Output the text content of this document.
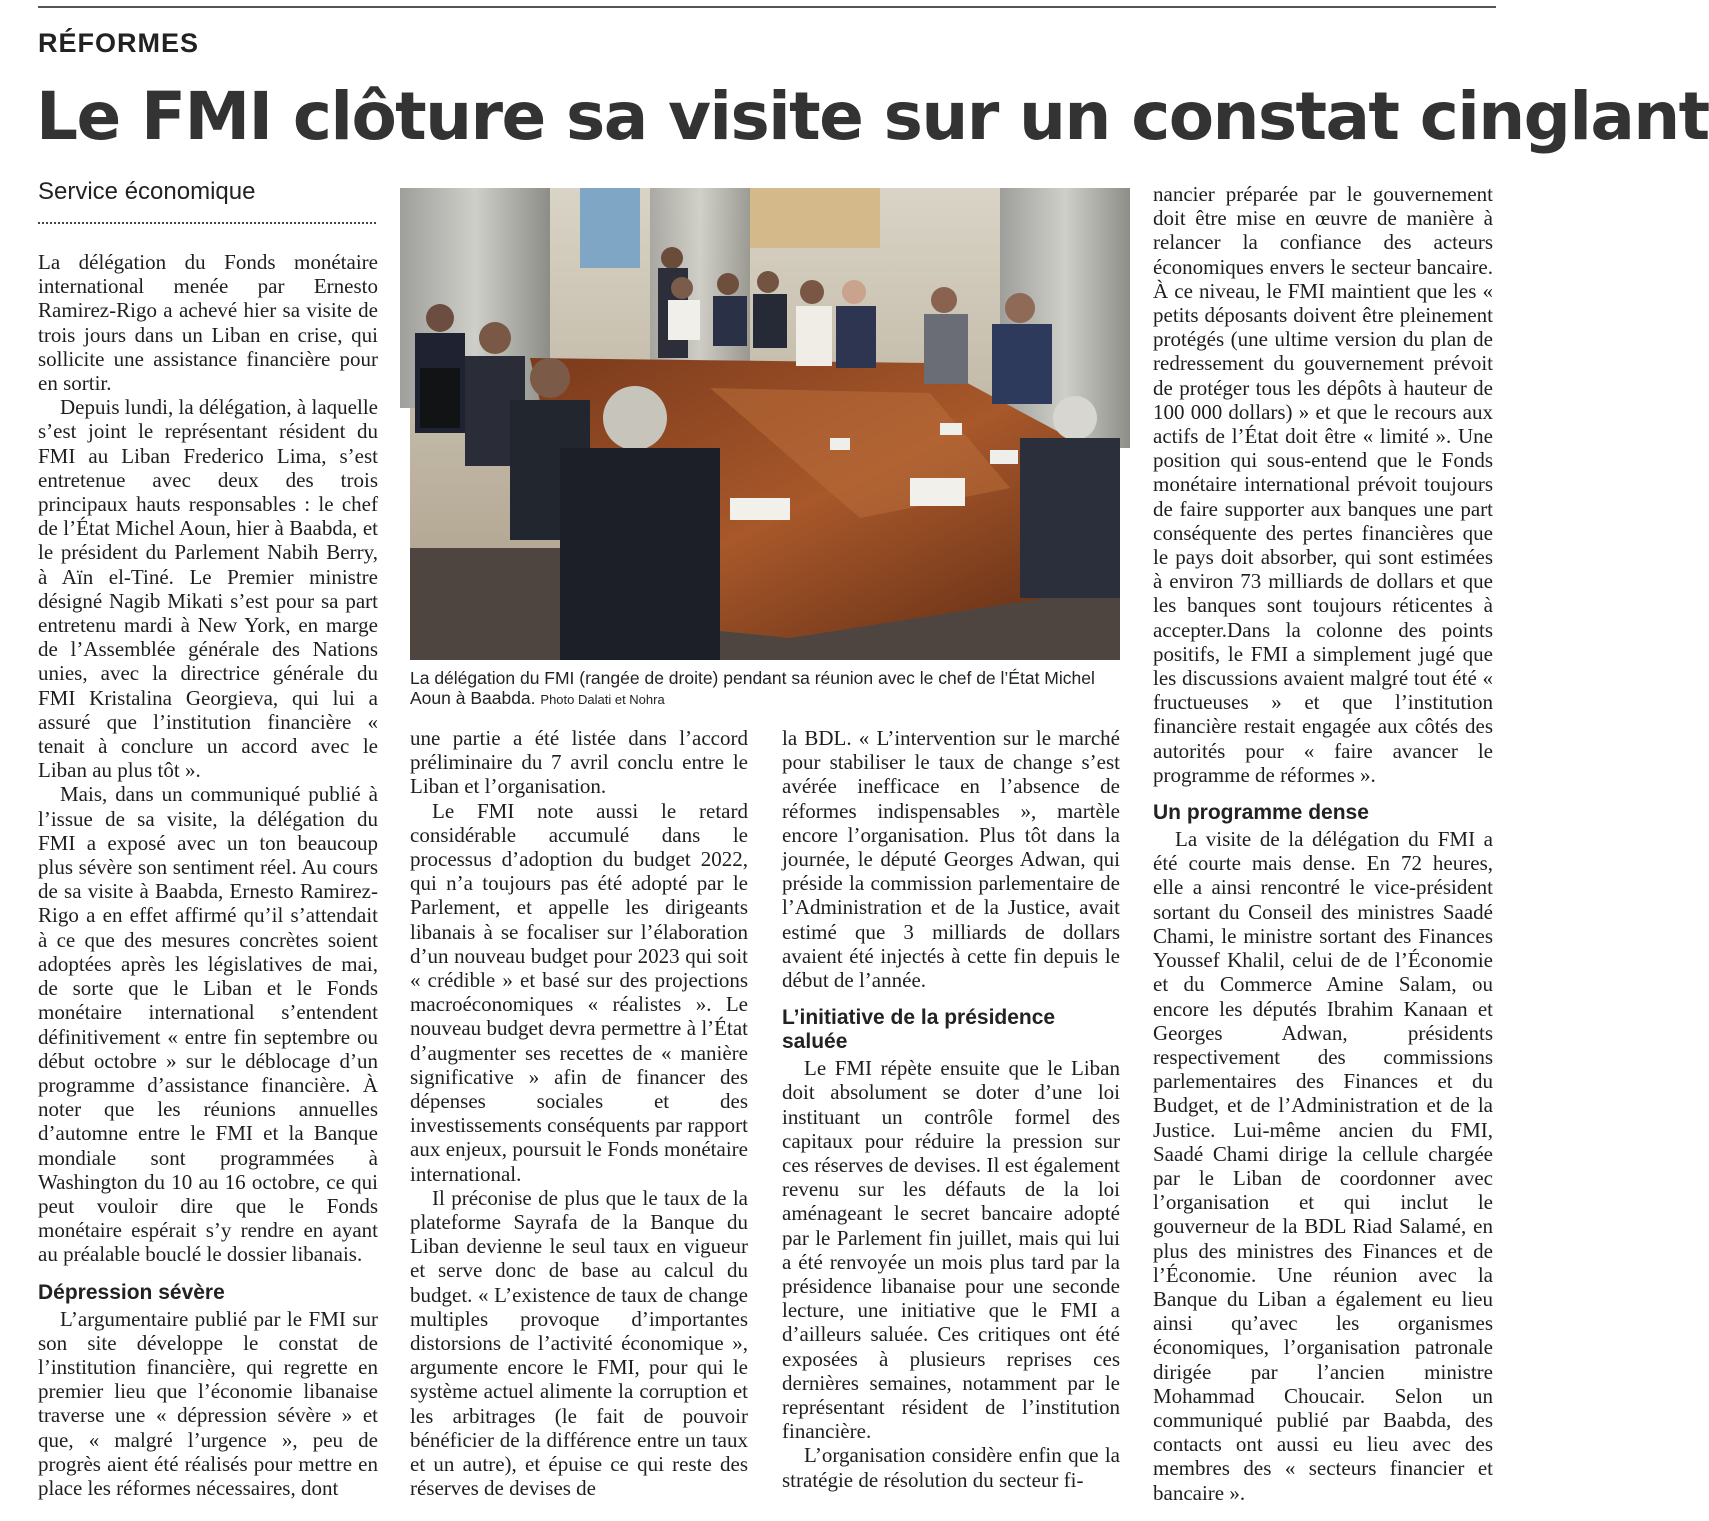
RÉFORMES
Le FMI clôture sa visite sur un constat cinglant
Service économique

La délégation du Fonds monétaire international menée par Ernesto Ramirez-Rigo a achevé hier sa visite de trois jours dans un Liban en crise, qui sollicite une assistance financière pour en sortir.

Depuis lundi, la délégation, à laquelle s’est joint le représentant résident du FMI au Liban Frederico Lima, s’est entretenue avec deux des trois principaux hauts responsables : le chef de l’État Michel Aoun, hier à Baabda, et le président du Parlement Nabih Berry, à Aïn el-Tiné. Le Premier ministre désigné Nagib Mikati s’est pour sa part entretenu mardi à New York, en marge de l’Assemblée générale des Nations unies, avec la directrice générale du FMI Kristalina Georgieva, qui lui a assuré que l’institution financière « tenait à conclure un accord avec le Liban au plus tôt ».

Mais, dans un communiqué publié à l’issue de sa visite, la délégation du FMI a exposé avec un ton beaucoup plus sévère son sentiment réel. Au cours de sa visite à Baabda, Ernesto Ramirez-Rigo a en effet affirmé qu’il s’attendait à ce que des mesures concrètes soient adoptées après les législatives de mai, de sorte que le Liban et le Fonds monétaire international s’entendent définitivement « entre fin septembre ou début octobre » sur le déblocage d’un programme d’assistance financière. À noter que les réunions annuelles d’automne entre le FMI et la Banque mondiale sont programmées à Washington du 10 au 16 octobre, ce qui peut vouloir dire que le Fonds monétaire espérait s’y rendre en ayant au préalable bouclé le dossier libanais.

Dépression sévère

L’argumentaire publié par le FMI sur son site développe le constat de l’institution financière, qui regrette en premier lieu que l’économie libanaise traverse une « dépression sévère » et que, « malgré l’urgence », peu de progrès aient été réalisés pour mettre en place les réformes nécessaires, dont

La délégation du FMI (rangée de droite) pendant sa réunion avec le chef de l’État Michel Aoun à Baabda. Photo Dalati et Nohra

une partie a été listée dans l’accord préliminaire du 7 avril conclu entre le Liban et l’organisation.

Le FMI note aussi le retard considérable accumulé dans le processus d’adoption du budget 2022, qui n’a toujours pas été adopté par le Parlement, et appelle les dirigeants libanais à se focaliser sur l’élaboration d’un nouveau budget pour 2023 qui soit « crédible » et basé sur des projections macroéconomiques « réalistes ». Le nouveau budget devra permettre à l’État d’augmenter ses recettes de « manière significative » afin de financer des dépenses sociales et des investissements conséquents par rapport aux enjeux, poursuit le Fonds monétaire international.

Il préconise de plus que le taux de la plateforme Sayrafa de la Banque du Liban devienne le seul taux en vigueur et serve donc de base au calcul du budget. « L’existence de taux de change multiples provoque d’importantes distorsions de l’activité économique », argumente encore le FMI, pour qui le système actuel alimente la corruption et les arbitrages (le fait de pouvoir bénéficier de la différence entre un taux et un autre), et épuise ce qui reste des réserves de devises de

la BDL. « L’intervention sur le marché pour stabiliser le taux de change s’est avérée inefficace en l’absence de réformes indispensables », martèle encore l’organisation. Plus tôt dans la journée, le député Georges Adwan, qui préside la commission parlementaire de l’Administration et de la Justice, avait estimé que 3 milliards de dollars avaient été injectés à cette fin depuis le début de l’année.

L’initiative de la présidence saluée

Le FMI répète ensuite que le Liban doit absolument se doter d’une loi instituant un contrôle formel des capitaux pour réduire la pression sur ces réserves de devises. Il est également revenu sur les défauts de la loi aménageant le secret bancaire adopté par le Parlement fin juillet, mais qui lui a été renvoyée un mois plus tard par la présidence libanaise pour une seconde lecture, une initiative que le FMI a d’ailleurs saluée. Ces critiques ont été exposées à plusieurs reprises ces dernières semaines, notamment par le représentant résident de l’institution financière.

L’organisation considère enfin que la stratégie de résolution du secteur fi-

nancier préparée par le gouvernement doit être mise en œuvre de manière à relancer la confiance des acteurs économiques envers le secteur bancaire. À ce niveau, le FMI maintient que les « petits déposants doivent être pleinement protégés (une ultime version du plan de redressement du gouvernement prévoit de protéger tous les dépôts à hauteur de 100 000 dollars) » et que le recours aux actifs de l’État doit être « limité ». Une position qui sous-entend que le Fonds monétaire international prévoit toujours de faire supporter aux banques une part conséquente des pertes financières que le pays doit absorber, qui sont estimées à environ 73 milliards de dollars et que les banques sont toujours réticentes à accepter.Dans la colonne des points positifs, le FMI a simplement jugé que les discussions avaient malgré tout été « fructueuses » et que l’institution financière restait engagée aux côtés des autorités pour « faire avancer le programme de réformes ».

Un programme dense

La visite de la délégation du FMI a été courte mais dense. En 72 heures, elle a ainsi rencontré le vice-président sortant du Conseil des ministres Saadé Chami, le ministre sortant des Finances Youssef Khalil, celui de de l’Économie et du Commerce Amine Salam, ou encore les députés Ibrahim Kanaan et Georges Adwan, présidents respectivement des commissions parlementaires des Finances et du Budget, et de l’Administration et de la Justice. Lui-même ancien du FMI, Saadé Chami dirige la cellule chargée par le Liban de coordonner avec l’organisation et qui inclut le gouverneur de la BDL Riad Salamé, en plus des ministres des Finances et de l’Économie. Une réunion avec la Banque du Liban a également eu lieu ainsi qu’avec les organismes économiques, l’organisation patronale dirigée par l’ancien ministre Mohammad Choucair. Selon un communiqué publié par Baabda, des contacts ont aussi eu lieu avec des membres des « secteurs financier et bancaire ».
